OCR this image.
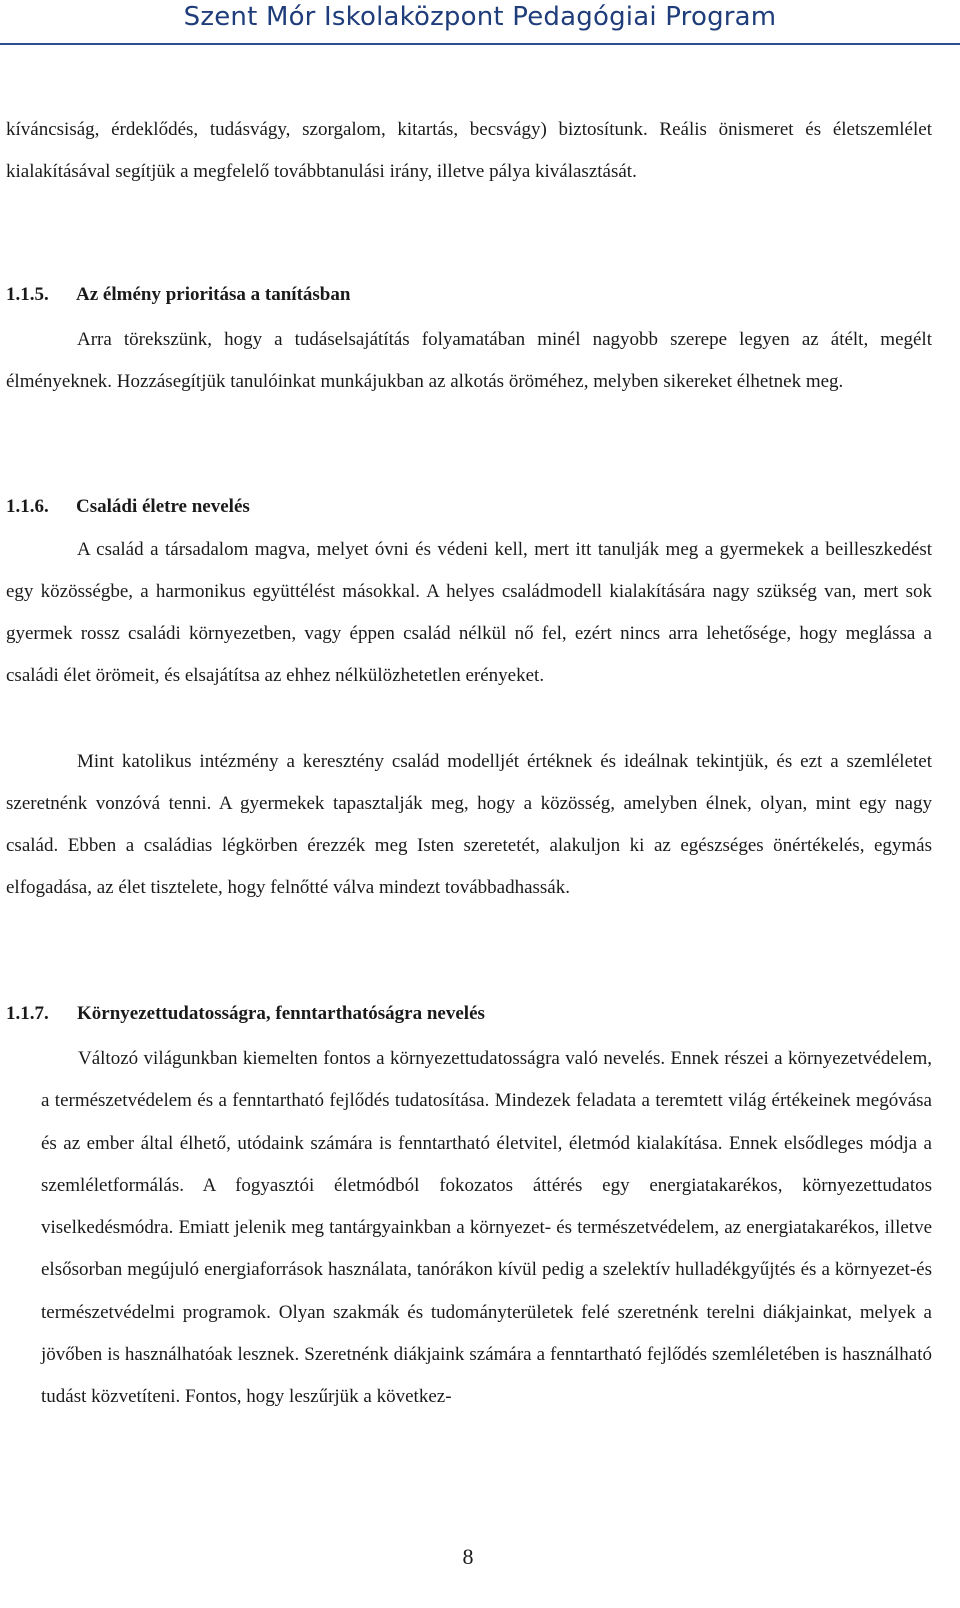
Szent Mór Iskolaközpont Pedagógiai Program

kíváncsiság, érdeklődés, tudásvágy, szorgalom, kitartás, becsvágy) biztosítunk. Reális önismeret és életszemlélet kialakításával segítjük a megfelelő továbbtanulási irány, illetve pálya kiválasztását.

1.1.5. Az élmény prioritása a tanításban

Arra törekszünk, hogy a tudáselsajátítás folyamatában minél nagyobb szerepe legyen az átélt, megélt élményeknek. Hozzásegítjük tanulóinkat munkájukban az alkotás öröméhez, melyben sikereket élhetnek meg.

1.1.6. Családi életre nevelés

A család a társadalom magva, melyet óvni és védeni kell, mert itt tanulják meg a gyermekek a beilleszkedést egy közösségbe, a harmonikus együttélést másokkal. A helyes családmodell kialakítására nagy szükség van, mert sok gyermek rossz családi környezetben, vagy éppen család nélkül nő fel, ezért nincs arra lehetősége, hogy meglássa a családi élet örömeit, és elsajátítsa az ehhez nélkülözhetetlen erényeket.

Mint katolikus intézmény a keresztény család modelljét értéknek és ideálnak tekintjük, és ezt a szemléletet szeretnénk vonzóvá tenni. A gyermekek tapasztalják meg, hogy a közösség, amelyben élnek, olyan, mint egy nagy család. Ebben a családias légkörben érezzék meg Isten szeretetét, alakuljon ki az egészséges önértékelés, egymás elfogadása, az élet tisztelete, hogy felnőtté válva mindezt továbbadhassák.

1.1.7. Környezettudatosságra, fenntarthatóságra nevelés

Változó világunkban kiemelten fontos a környezettudatosságra való nevelés. Ennek részei a környezetvédelem, a természetvédelem és a fenntartható fejlődés tudatosítása. Mindezek feladata a teremtett világ értékeinek megóvása és az ember által élhető, utódaink számára is fenntartható életvitel, életmód kialakítása. Ennek elsődleges módja a szemléletformálás. A fogyasztói életmódból fokozatos áttérés egy energiatakarékos, környezettudatos viselkedésmódra. Emiatt jelenik meg tantárgyainkban a környezet- és természetvédelem, az energiatakarékos, illetve elsősorban megújuló energiaforrások használata, tanórákon kívül pedig a szelektív hulladékgyűjtés és a környezet-és természetvédelmi programok. Olyan szakmák és tudományterületek felé szeretnénk terelni diákjainkat, melyek a jövőben is használhatóak lesznek. Szeretnénk diákjaink számára a fenntartható fejlődés szemléletében is használható tudást közvetíteni. Fontos, hogy leszűrjük a következ-

8
